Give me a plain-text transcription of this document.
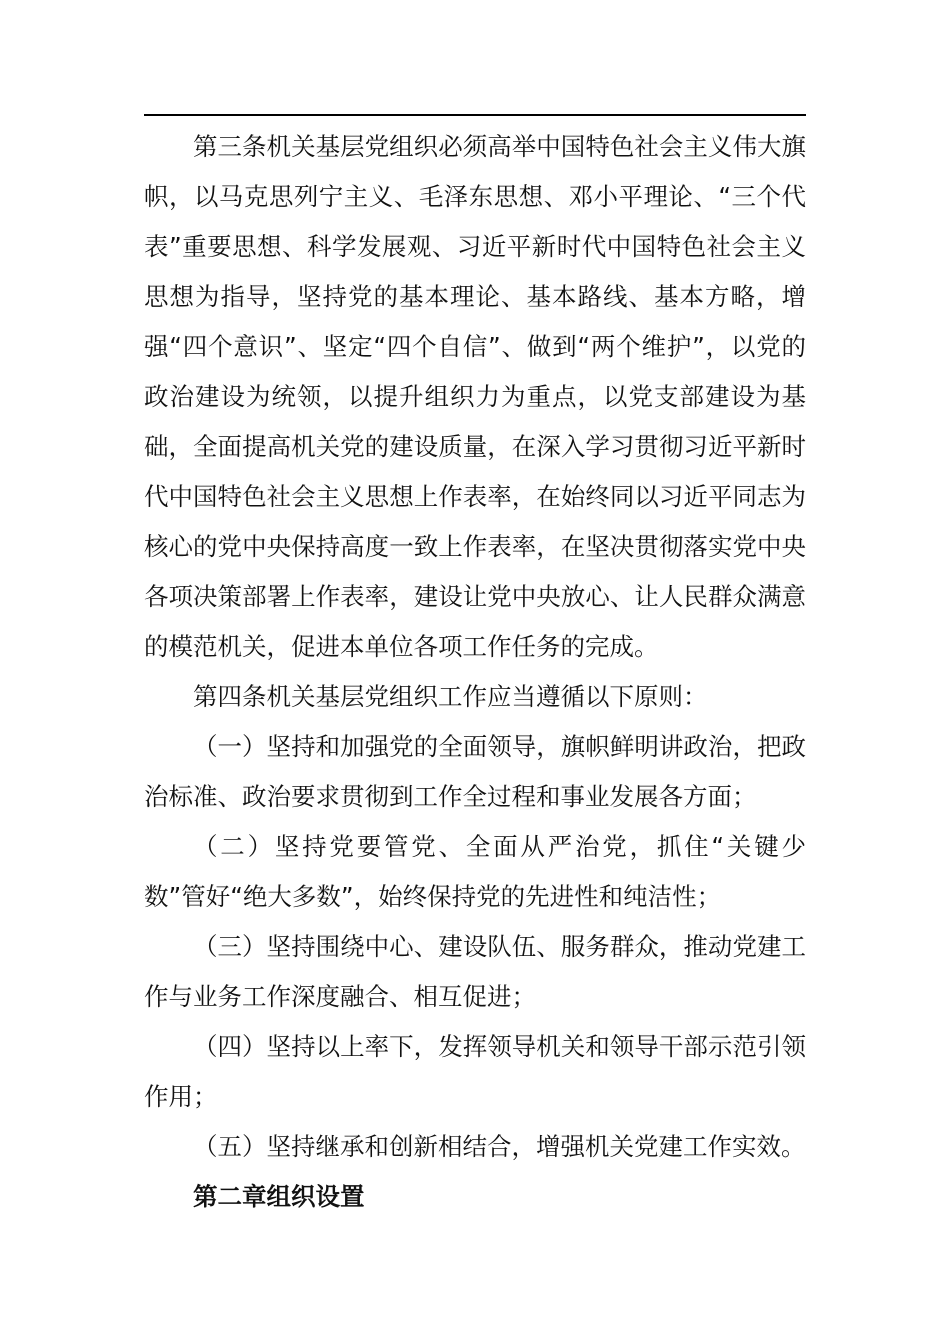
第三条机关基层党组织必须高举中国特色社会主义伟大旗帜，以马克思列宁主义、毛泽东思想、邓小平理论、“三个代表”重要思想、科学发展观、习近平新时代中国特色社会主义思想为指导，坚持党的基本理论、基本路线、基本方略，增强“四个意识”、坚定“四个自信”、做到“两个维护”，以党的政治建设为统领，以提升组织力为重点，以党支部建设为基础，全面提高机关党的建设质量，在深入学习贯彻习近平新时代中国特色社会主义思想上作表率，在始终同以习近平同志为核心的党中央保持高度一致上作表率，在坚决贯彻落实党中央各项决策部署上作表率，建设让党中央放心、让人民群众满意的模范机关，促进本单位各项工作任务的完成。

第四条机关基层党组织工作应当遵循以下原则：

（一）坚持和加强党的全面领导，旗帜鲜明讲政治，把政治标准、政治要求贯彻到工作全过程和事业发展各方面；

（二）坚持党要管党、全面从严治党，抓住“关键少数”管好“绝大多数”，始终保持党的先进性和纯洁性；

（三）坚持围绕中心、建设队伍、服务群众，推动党建工作与业务工作深度融合、相互促进；

（四）坚持以上率下，发挥领导机关和领导干部示范引领作用；

（五）坚持继承和创新相结合，增强机关党建工作实效。

第二章组织设置
